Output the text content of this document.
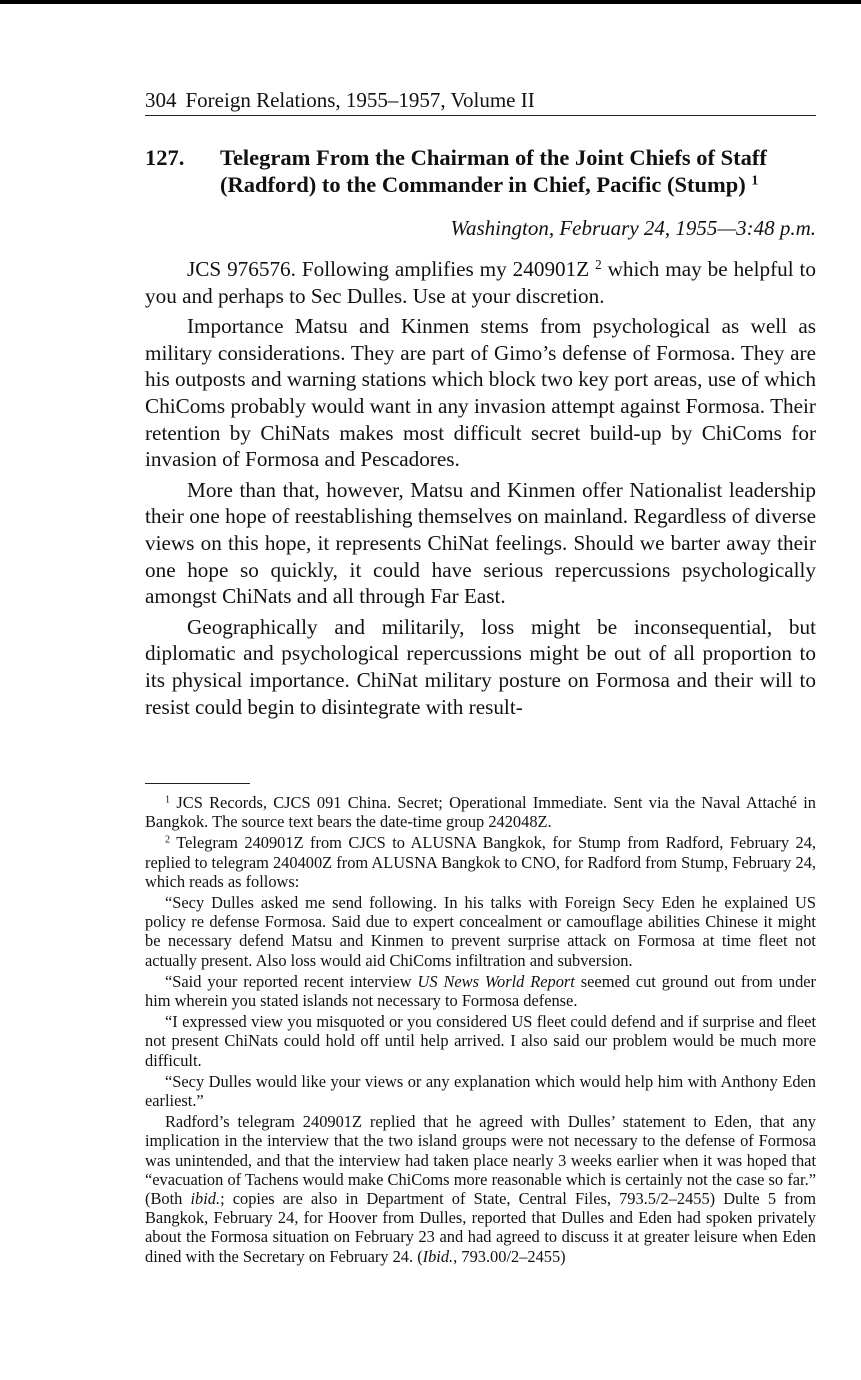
304 Foreign Relations, 1955–1957, Volume II
127. Telegram From the Chairman of the Joint Chiefs of Staff (Radford) to the Commander in Chief, Pacific (Stump) $^1$
Washington, February 24, 1955—3:48 p.m.

JCS 976576. Following amplifies my 240901Z $^2$ which may be helpful to you and perhaps to Sec Dulles. Use at your discretion.

Importance Matsu and Kinmen stems from psychological as well as military considerations. They are part of Gimo’s defense of Formosa. They are his outposts and warning stations which block two key port areas, use of which ChiComs probably would want in any invasion attempt against Formosa. Their retention by ChiNats makes most difficult secret build-up by ChiComs for invasion of Formosa and Pescadores.

More than that, however, Matsu and Kinmen offer Nationalist leadership their one hope of reestablishing themselves on mainland. Regardless of diverse views on this hope, it represents ChiNat feelings. Should we barter away their one hope so quickly, it could have serious repercussions psychologically amongst ChiNats and all through Far East.

Geographically and militarily, loss might be inconsequential, but diplomatic and psychological repercussions might be out of all proportion to its physical importance. ChiNat military posture on Formosa and their will to resist could begin to disintegrate with result-

$^1$ JCS Records, CJCS 091 China. Secret; Operational Immediate. Sent via the Naval Attaché in Bangkok. The source text bears the date-time group 242048Z.

$^2$ Telegram 240901Z from CJCS to ALUSNA Bangkok, for Stump from Radford, February 24, replied to telegram 240400Z from ALUSNA Bangkok to CNO, for Radford from Stump, February 24, which reads as follows:

“Secy Dulles asked me send following. In his talks with Foreign Secy Eden he explained US policy re defense Formosa. Said due to expert concealment or camouflage abilities Chinese it might be necessary defend Matsu and Kinmen to prevent surprise attack on Formosa at time fleet not actually present. Also loss would aid ChiComs infiltration and subversion.

“Said your reported recent interview US News World Report seemed cut ground out from under him wherein you stated islands not necessary to Formosa defense.

“I expressed view you misquoted or you considered US fleet could defend and if surprise and fleet not present ChiNats could hold off until help arrived. I also said our problem would be much more difficult.

“Secy Dulles would like your views or any explanation which would help him with Anthony Eden earliest.”

Radford’s telegram 240901Z replied that he agreed with Dulles’ statement to Eden, that any implication in the interview that the two island groups were not necessary to the defense of Formosa was unintended, and that the interview had taken place nearly 3 weeks earlier when it was hoped that “evacuation of Tachens would make ChiComs more reasonable which is certainly not the case so far.” (Both ibid.; copies are also in Department of State, Central Files, 793.5/2–2455) Dulte 5 from Bangkok, February 24, for Hoover from Dulles, reported that Dulles and Eden had spoken privately about the Formosa situation on February 23 and had agreed to discuss it at greater leisure when Eden dined with the Secretary on February 24. (Ibid., 793.00/2–2455)
